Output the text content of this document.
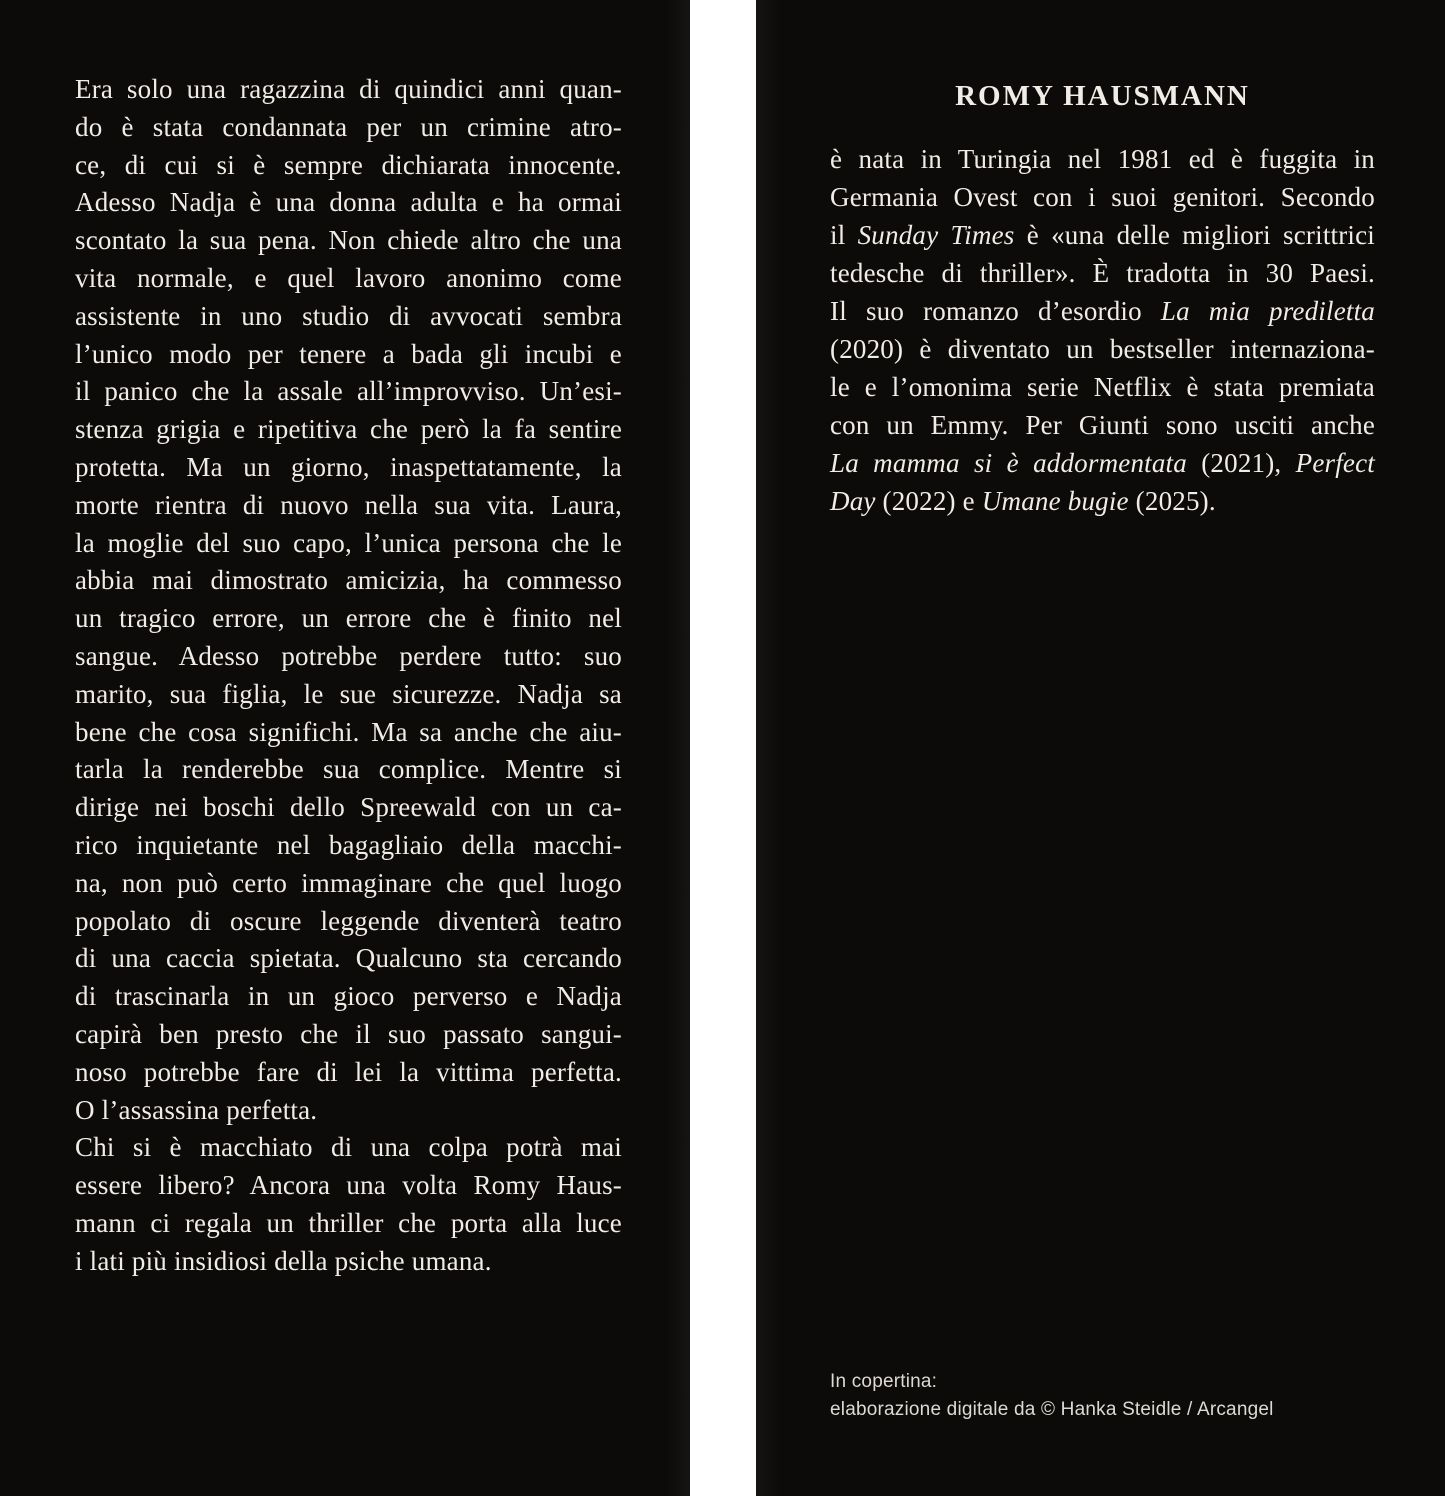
Era solo una ragazzina di quindici anni quan-
do è stata condannata per un crimine atro-
ce, di cui si è sempre dichiarata innocente.
Adesso Nadja è una donna adulta e ha ormai
scontato la sua pena. Non chiede altro che una
vita normale, e quel lavoro anonimo come
assistente in uno studio di avvocati sembra
l’unico modo per tenere a bada gli incubi e
il panico che la assale all’improvviso. Un’esi-
stenza grigia e ripetitiva che però la fa sentire
protetta. Ma un giorno, inaspettatamente, la
morte rientra di nuovo nella sua vita. Laura,
la moglie del suo capo, l’unica persona che le
abbia mai dimostrato amicizia, ha commesso
un tragico errore, un errore che è finito nel
sangue. Adesso potrebbe perdere tutto: suo
marito, sua figlia, le sue sicurezze. Nadja sa
bene che cosa significhi. Ma sa anche che aiu-
tarla la renderebbe sua complice. Mentre si
dirige nei boschi dello Spreewald con un ca-
rico inquietante nel bagagliaio della macchi-
na, non può certo immaginare che quel luogo
popolato di oscure leggende diventerà teatro
di una caccia spietata. Qualcuno sta cercando
di trascinarla in un gioco perverso e Nadja
capirà ben presto che il suo passato sangui-
noso potrebbe fare di lei la vittima perfetta.
O l’assassina perfetta.
Chi si è macchiato di una colpa potrà mai
essere libero? Ancora una volta Romy Haus-
mann ci regala un thriller che porta alla luce
i lati più insidiosi della psiche umana.
ROMY HAUSMANN
è nata in Turingia nel 1981 ed è fuggita in
Germania Ovest con i suoi genitori. Secondo
il Sunday Times è «una delle migliori scrittrici
tedesche di thriller». È tradotta in 30 Paesi.
Il suo romanzo d’esordio La mia prediletta
(2020) è diventato un bestseller internaziona-
le e l’omonima serie Netflix è stata premiata
con un Emmy. Per Giunti sono usciti anche
La mamma si è addormentata (2021), Perfect
Day (2022) e Umane bugie (2025).
In copertina:
elaborazione digitale da © Hanka Steidle / Arcangel
